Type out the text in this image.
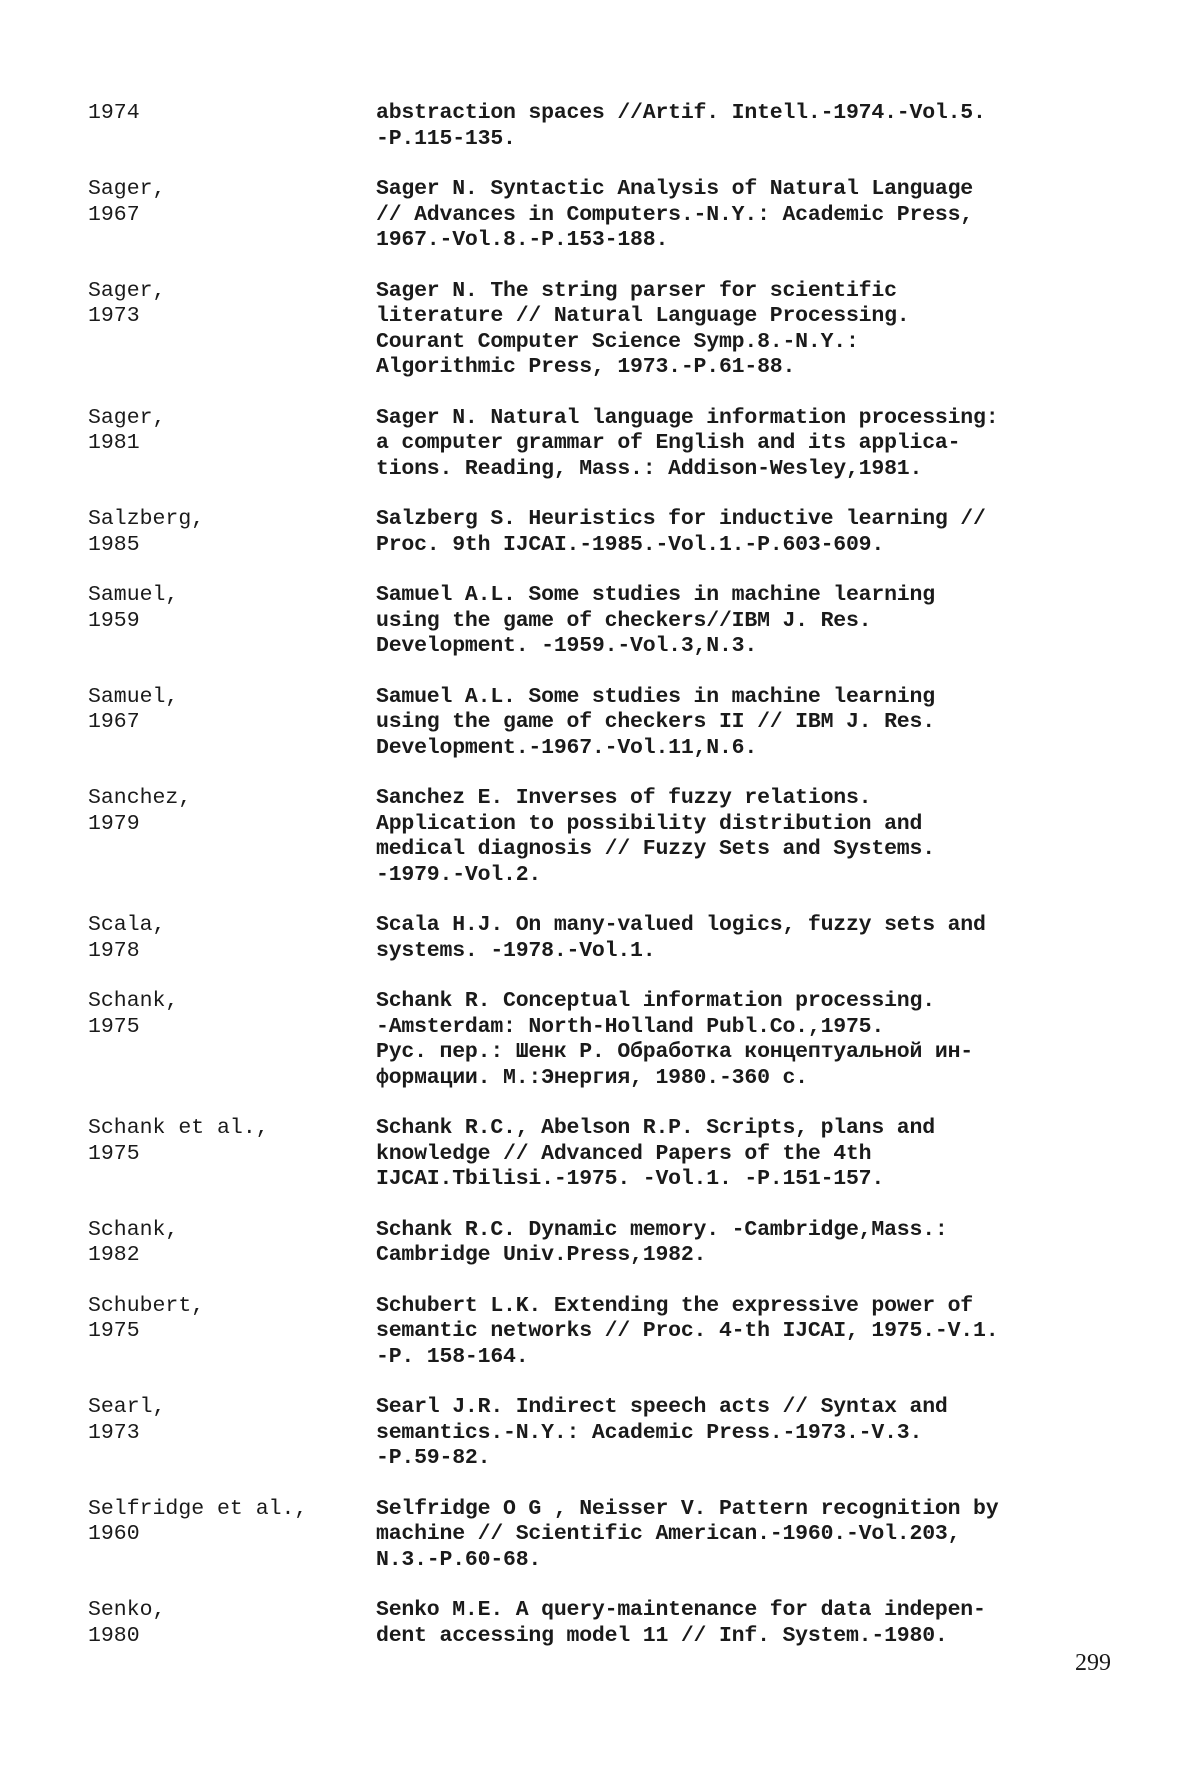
1974	abstraction spaces //Artif. Intell.-1974.-Vol.5.
-P.115-135.
Sager,
1967
Sager N. Syntactic Analysis of Natural Language
// Advances in Computers.-N.Y.: Academic Press,
1967.-Vol.8.-P.153-188.
Sager,
1973
Sager N. The string parser for scientific
literature // Natural Language Processing.
Courant Computer Science Symp.8.-N.Y.:
Algorithmic Press, 1973.-P.61-88.
Sager,
1981
Sager N. Natural language information processing:
a computer grammar of English and its applica-
tions. Reading, Mass.: Addison-Wesley,1981.
Salzberg,
1985
Salzberg S. Heuristics for inductive learning //
Proc. 9th IJCAI.-1985.-Vol.1.-P.603-609.
Samuel,
1959
Samuel A.L. Some studies in machine learning
using the game of checkers//IBM J. Res.
Development. -1959.-Vol.3,N.3.
Samuel,
1967
Samuel A.L. Some studies in machine learning
using the game of checkers II // IBM J. Res.
Development.-1967.-Vol.11,N.6.
Sanchez,
1979
Sanchez E. Inverses of fuzzy relations.
Application to possibility distribution and
medical diagnosis // Fuzzy Sets and Systems.
-1979.-Vol.2.
Scala,
1978
Scala H.J. On many-valued logics, fuzzy sets and
systems. -1978.-Vol.1.
Schank,
1975
Schank R. Conceptual information processing.
-Amsterdam: North-Holland Publ.Co.,1975.
Рус. пер.: Шенк Р. Обработка концептуальной ин-
формации. М.:Энергия, 1980.-360 с.
Schank et al.,
1975
Schank R.C., Abelson R.P. Scripts, plans and
knowledge // Advanced Papers of the 4th
IJCAI.Tbilisi.-1975. -Vol.1. -P.151-157.
Schank,
1982
Schank R.C. Dynamic memory. -Cambridge,Mass.:
Cambridge Univ.Press,1982.
Schubert,
1975
Schubert L.K. Extending the expressive power of
semantic networks // Proc. 4-th IJCAI, 1975.-V.1.
-P. 158-164.
Searl,
1973
Searl J.R. Indirect speech acts // Syntax and
semantics.-N.Y.: Academic Press.-1973.-V.3.
-P.59-82.
Selfridge et al.,
1960
Selfridge O G , Neisser V. Pattern recognition by
machine // Scientific American.-1960.-Vol.203,
N.3.-P.60-68.
Senko,
1980
Senko M.E. A query-maintenance for data indepen-
dent accessing model 11 // Inf. System.-1980.
299
